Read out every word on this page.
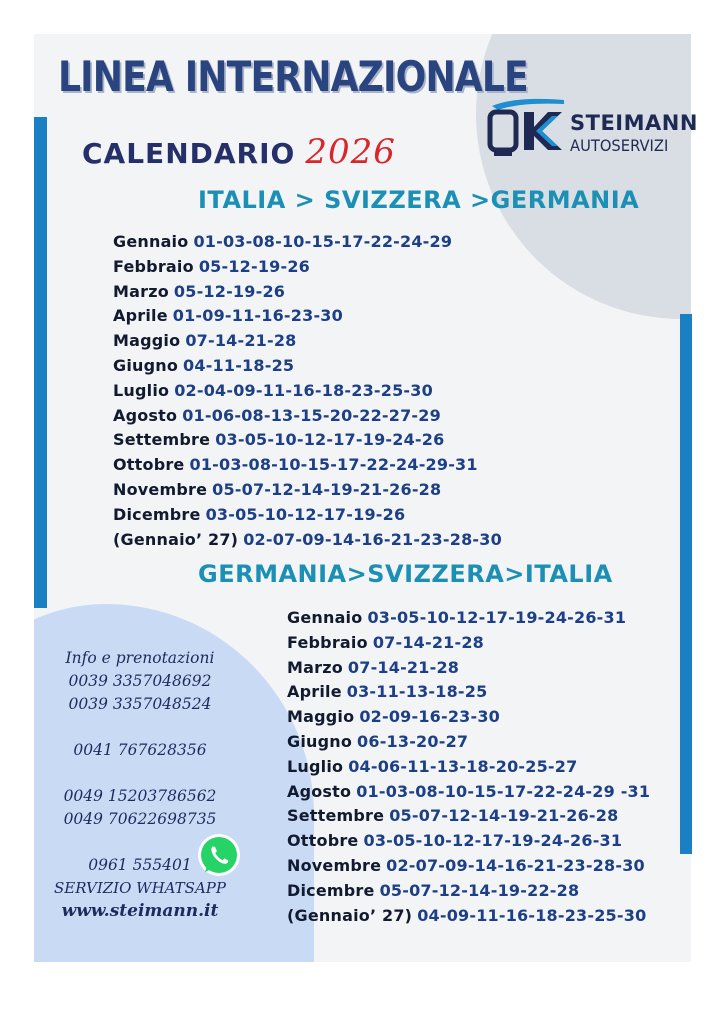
LINEA INTERNAZIONALE
CALENDARIO 2026
STEIMANN
AUTOSERVIZI
ITALIA > SVIZZERA >GERMANIA
Gennaio 01-03-08-10-15-17-22-24-29
Febbraio 05-12-19-26
Marzo 05-12-19-26
Aprile 01-09-11-16-23-30
Maggio 07-14-21-28
Giugno 04-11-18-25
Luglio 02-04-09-11-16-18-23-25-30
Agosto 01-06-08-13-15-20-22-27-29
Settembre 03-05-10-12-17-19-24-26
Ottobre 01-03-08-10-15-17-22-24-29-31
Novembre 05-07-12-14-19-21-26-28
Dicembre 03-05-10-12-17-19-26
(Gennaio’ 27) 02-07-09-14-16-21-23-28-30
GERMANIA>SVIZZERA>ITALIA
Gennaio 03-05-10-12-17-19-24-26-31
Febbraio 07-14-21-28
Marzo 07-14-21-28
Aprile 03-11-13-18-25
Maggio 02-09-16-23-30
Giugno 06-13-20-27
Luglio 04-06-11-13-18-20-25-27
Agosto 01-03-08-10-15-17-22-24-29 -31
Settembre 05-07-12-14-19-21-26-28
Ottobre 03-05-10-12-17-19-24-26-31
Novembre 02-07-09-14-16-21-23-28-30
Dicembre 05-07-12-14-19-22-28
(Gennaio’ 27) 04-09-11-16-18-23-25-30
Info e prenotazioni
0039 3357048692
0039 3357048524
0041 767628356
0049 15203786562
0049 70622698735
0961 555401
SERVIZIO WHATSAPP
www.steimann.it
